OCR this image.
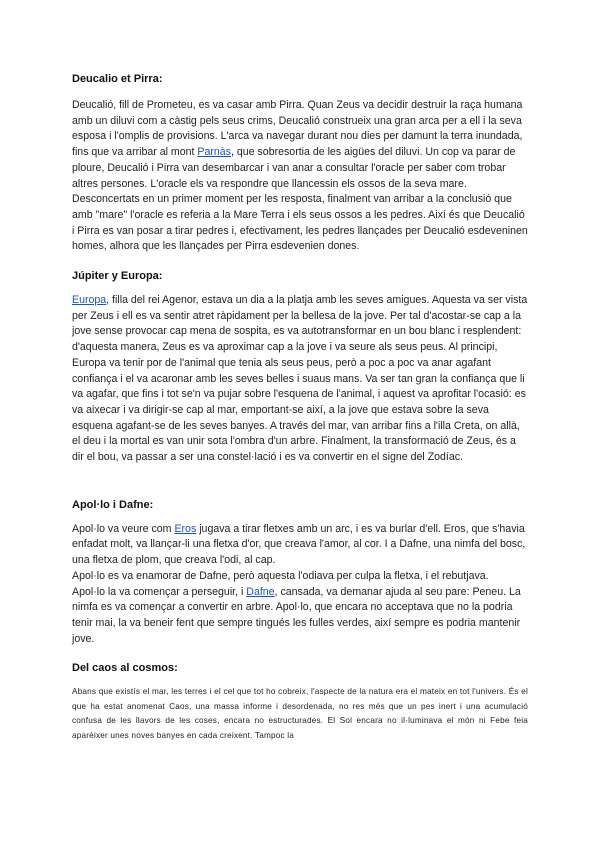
Deucalio et Pirra:

Deucalió, fill de Prometeu, es va casar amb Pirra. Quan Zeus va decidir destruir la raça humana amb un diluvi com a càstig pels seus crims, Deucalió construeix una gran arca per a ell i la seva esposa i l'omplis de provisions. L'arca va navegar durant nou dies per damunt la terra inundada, fins que va arribar al mont Parnàs, que sobresortia de les aigües del diluvi. Un cop va parar de ploure, Deucalió i Pirra van desembarcar i van anar a consultar l'oracle per saber com trobar altres persones. L'oracle els va respondre que llancessin els ossos de la seva mare.

Desconcertats en un primer moment per les resposta, finalment van arribar a la conclusió que amb "mare" l'oracle es referia a la Mare Terra i els seus ossos a les pedres. Així és que Deucalió i Pirra es van posar a tirar pedres i, efectivament, les pedres llançades per Deucalió esdeveninen homes, alhora que les llançades per Pirra esdevenien dones.

Júpiter y Europa:

Europa, filla del rei Agenor, estava un dia a la platja amb les seves amigues. Aquesta va ser vista per Zeus i ell es va sentir atret ràpidament per la bellesa de la jove. Per tal d'acostar-se cap a la jove sense provocar cap mena de sospita, es va autotransformar en un bou blanc i resplendent: d'aquesta manera, Zeus es va aproximar cap a la jove i va seure als seus peus. Al principi, Europa va tenir por de l'animal que tenia als seus peus, però a poc a poc va anar agafant confiança i el va acaronar amb les seves belles i suaus mans. Va ser tan gran la confiança que li va agafar, que fins i tot se'n va pujar sobre l'esquena de l'animal, i aquest va aprofitar l'ocasió: es va aixecar i va dirigir-se cap al mar, emportant-se així, a la jove que estava sobre la seva esquena agafant-se de les seves banyes. A través del mar, van arribar fins a l'illa Creta, on allà, el deu i la mortal es van unir sota l'ombra d'un arbre. Finalment, la transformació de Zeus, és a dir el bou, va passar a ser una constel·lació i es va convertir en el signe del Zodíac.

Apol·lo i Dafne:

Apol·lo va veure com Eros jugava a tirar fletxes amb un arc, i es va burlar d'ell. Eros, que s'havia enfadat molt, va llançar-li una fletxa d'or, que creava l'amor, al cor. I a Dafne, una nimfa del bosc, una fletxa de plom, que creava l'odi, al cap.

Apol·lo es va enamorar de Dafne, però aquesta l'odiava per culpa la fletxa, i el rebutjava.

Apol·lo la va començar a perseguir, i Dafne, cansada, va demanar ajuda al seu pare: Peneu. La nimfa es va començar a convertir en arbre. Apol·lo, que encara no acceptava que no la podria tenir mai, la va beneir fent que sempre tingués les fulles verdes, així sempre es podria mantenir jove.

Del caos al cosmos:

Abans que existís el mar, les terres i el cel que tot ho cobreix, l'aspecte de la natura era el mateix en tot l'univers. És el que ha estat anomenat Caos, una massa informe i desordenada, no res més que un pes inert i una acumulació confusa de les llavors de les coses, encara no estructurades. El Sol encara no il·luminava el món ni Febe feia aparèixer unes noves banyes en cada creixent. Tampoc la
